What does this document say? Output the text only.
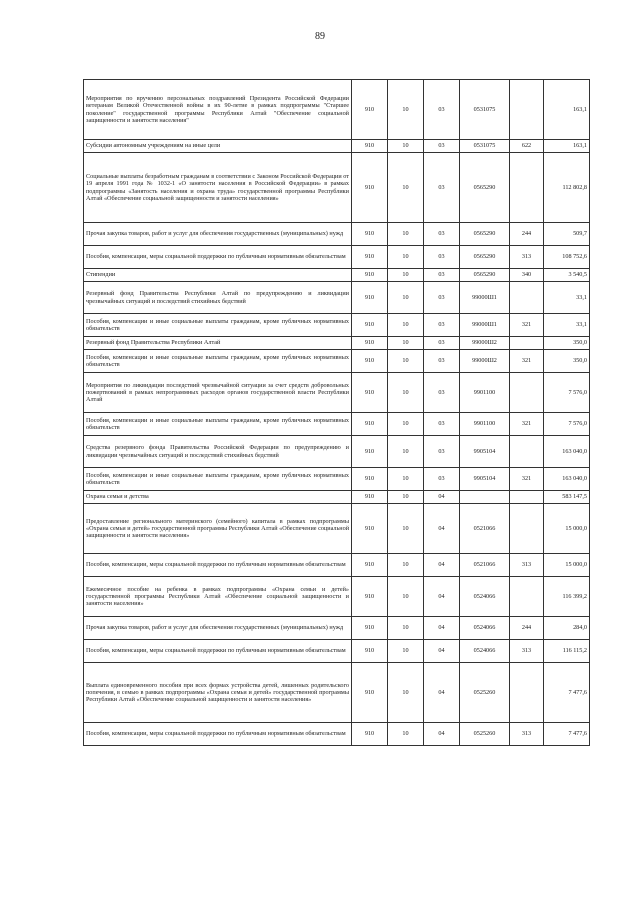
89
Мероприятия по вручению персональных поздравлений Президента Российской Федерации ветеранам Великой Отечественной войны в их 90-летие в рамках подпрограммы "Старшее поколение" государственной программы Республики Алтай "Обеспечение социальной защищенности и занятости населения"	910	10	03	0531075		163,1
Субсидии автономным учреждениям на иные цели	910	10	03	0531075	622	163,1
Социальные выплаты безработным гражданам в соответствии с Законом Российской Федерации от 19 апреля 1991 года № 1032-1 «О занятости населения в Российской Федерации» в рамках подпрограммы «Занятость населения и охрана труда» государственной программы Республики Алтай «Обеспечение социальной защищенности и занятости населения»	910	10	03	0565290		112 802,8
Прочая закупка товаров, работ и услуг для обеспечения государственных (муниципальных) нужд	910	10	03	0565290	244	509,7
Пособия, компенсации, меры социальной поддержки по публичным нормативным обязательствам	910	10	03	0565290	313	108 752,6
Стипендии	910	10	03	0565290	340	3 540,5
Резервный фонд Правительства Республики Алтай по предупреждению и ликвидации чрезвычайных ситуаций и последствий стихийных бедствий	910	10	03	99000Ш1		33,1
Пособия, компенсации и иные социальные выплаты гражданам, кроме публичных нормативных обязательств	910	10	03	99000Ш1	321	33,1
Резервный фонд Правительства Республики Алтай	910	10	03	99000Ш2		350,0
Пособия, компенсации и иные социальные выплаты гражданам, кроме публичных нормативных обязательств	910	10	03	99000Ш2	321	350,0
Мероприятия по ликвидации последствий чрезвычайной ситуации за счет средств добровольных пожертвований в рамках непрограммных расходов органов государственной власти Республики Алтай	910	10	03	9901100		7 576,0
Пособия, компенсации и иные социальные выплаты гражданам, кроме публичных нормативных обязательств	910	10	03	9901100	321	7 576,0
Средства резервного фонда Правительства Российской Федерации по предупреждению и ликвидации чрезвычайных ситуаций и последствий стихийных бедствий	910	10	03	9905104		163 040,0
Пособия, компенсации и иные социальные выплаты гражданам, кроме публичных нормативных обязательств	910	10	03	9905104	321	163 040,0
Охрана семьи и детства	910	10	04			583 147,5
Предоставление регионального материнского (семейного) капитала в рамках подпрограммы «Охрана семьи и детей» государственной программы Республики Алтай «Обеспечение социальной защищенности и занятости населения»	910	10	04	0521066		15 000,0
Пособия, компенсации, меры социальной поддержки по публичным нормативным обязательствам	910	10	04	0521066	313	15 000,0
Ежемесячное пособие на ребенка в рамках подпрограммы «Охрана семьи и детей» государственной программы Республики Алтай «Обеспечение социальной защищенности и занятости населения»	910	10	04	0524066		116 399,2
Прочая закупка товаров, работ и услуг для обеспечения государственных (муниципальных) нужд	910	10	04	0524066	244	284,0
Пособия, компенсации, меры социальной поддержки по публичным нормативным обязательствам	910	10	04	0524066	313	116 115,2
Выплата единовременного пособия при всех формах устройства детей, лишенных родительского попечения, в семью в рамках подпрограммы «Охрана семьи и детей» государственной программы Республики Алтай «Обеспечение социальной защищенности и занятости населения»	910	10	04	0525260		7 477,6
Пособия, компенсации, меры социальной поддержки по публичным нормативным обязательствам	910	10	04	0525260	313	7 477,6
